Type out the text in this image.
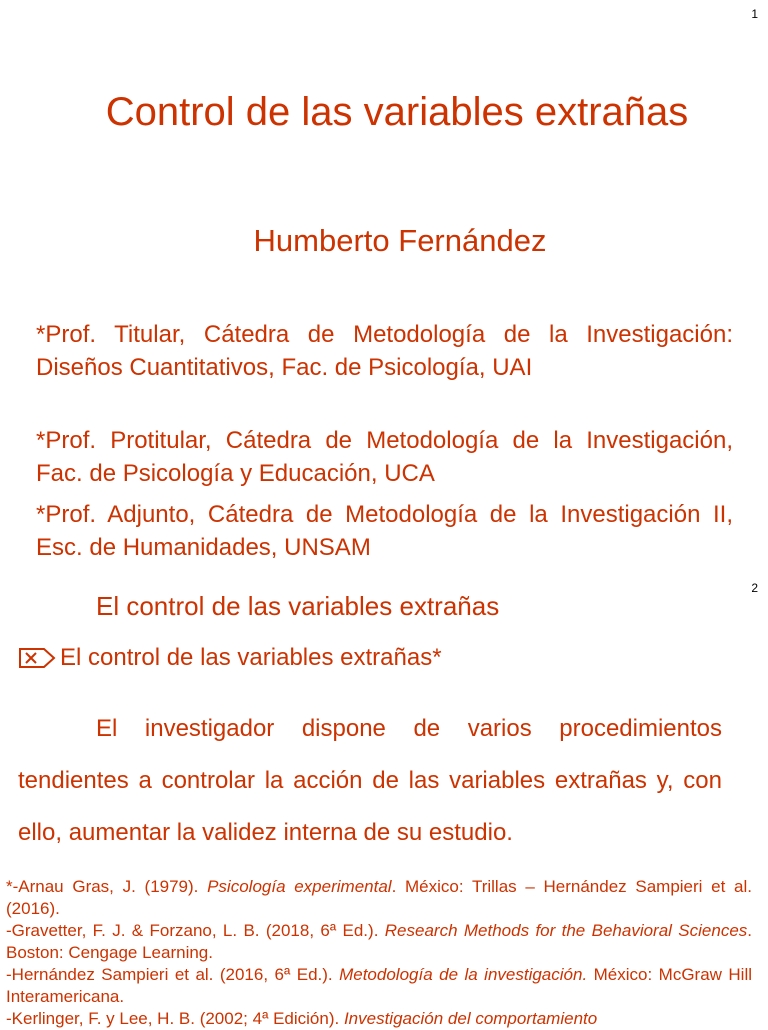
1
Control de las variables extrañas
Humberto Fernández

*Prof. Titular, Cátedra de Metodología de la Investigación: Diseños Cuantitativos, Fac. de Psicología, UAI

*Prof. Protitular, Cátedra de Metodología de la Investigación, Fac. de Psicología y Educación, UCA

*Prof. Adjunto, Cátedra de Metodología de la Investigación II, Esc. de Humanidades, UNSAM

2
El control de las variables extrañas
El control de las variables extrañas*

El investigador dispone de varios procedimientos tendientes a controlar la acción de las variables extrañas y, con ello, aumentar la validez interna de su estudio.

*-Arnau Gras, J. (1979). Psicología experimental. México: Trillas – Hernández Sampieri et al. (2016).

-Gravetter, F. J. & Forzano, L. B. (2018, 6ª Ed.). Research Methods for the Behavioral Sciences. Boston: Cengage Learning.

-Hernández Sampieri et al. (2016, 6ª Ed.). Metodología de la investigación. México: McGraw Hill Interamericana.

-Kerlinger, F. y Lee, H. B. (2002; 4ª Edición). Investigación del comportamiento
